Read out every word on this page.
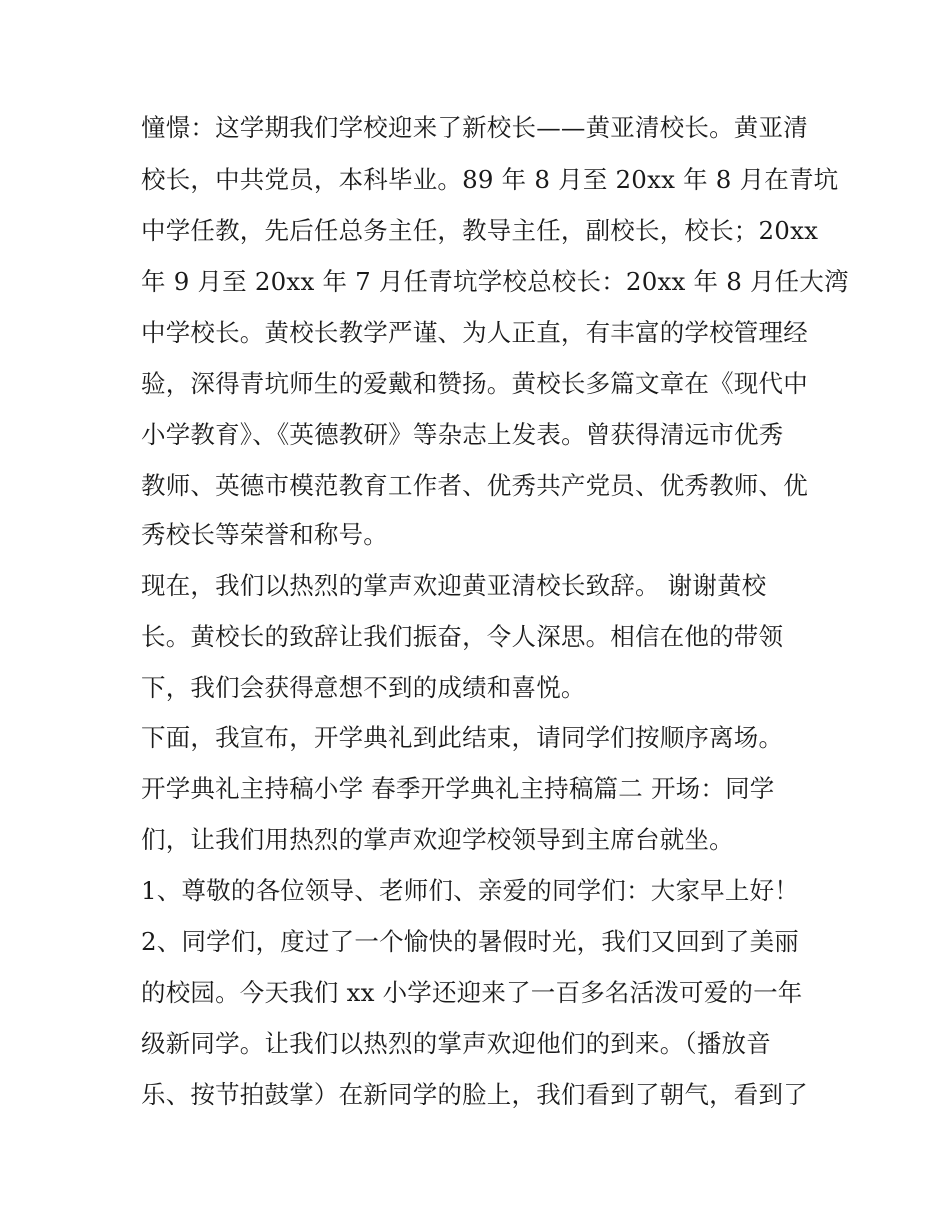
憧憬：这学期我们学校迎来了新校长——黄亚清校长。黄亚清
校长，中共党员，本科毕业。89 年 8 月至 20xx 年 8 月在青坑
中学任教，先后任总务主任，教导主任，副校长，校长；20xx
年 9 月至 20xx 年 7 月任青坑学校总校长：20xx 年 8 月任大湾
中学校长。黄校长教学严谨、为人正直，有丰富的学校管理经
验，深得青坑师生的爱戴和赞扬。黄校长多篇文章在《现代中
小学教育》、《英德教研》等杂志上发表。曾获得清远市优秀
教师、英德市模范教育工作者、优秀共产党员、优秀教师、优
秀校长等荣誉和称号。
现在，我们以热烈的掌声欢迎黄亚清校长致辞。 谢谢黄校
长。黄校长的致辞让我们振奋，令人深思。相信在他的带领
下，我们会获得意想不到的成绩和喜悦。
下面，我宣布，开学典礼到此结束，请同学们按顺序离场。
开学典礼主持稿小学 春季开学典礼主持稿篇二 开场：同学
们，让我们用热烈的掌声欢迎学校领导到主席台就坐。
1、尊敬的各位领导、老师们、亲爱的同学们：大家早上好！
2、同学们，度过了一个愉快的暑假时光，我们又回到了美丽
的校园。今天我们 xx 小学还迎来了一百多名活泼可爱的一年
级新同学。让我们以热烈的掌声欢迎他们的到来。（播放音
乐、按节拍鼓掌）在新同学的脸上，我们看到了朝气，看到了
